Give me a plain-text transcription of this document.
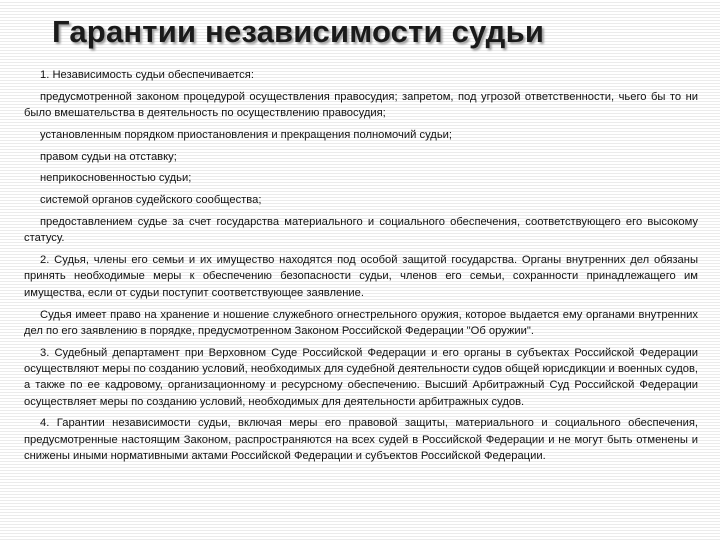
Гарантии независимости судьи

1. Независимость судьи обеспечивается:

предусмотренной законом процедурой осуществления правосудия; запретом, под угрозой ответственности, чьего бы то ни было вмешательства в деятельность по осуществлению правосудия;

установленным порядком приостановления и прекращения полномочий судьи;

правом судьи на отставку;

неприкосновенностью судьи;

системой органов судейского сообщества;

предоставлением судье за счет государства материального и социального обеспечения, соответствующего его высокому статусу.

2. Судья, члены его семьи и их имущество находятся под особой защитой государства. Органы внутренних дел обязаны принять необходимые меры к обеспечению безопасности судьи, членов его семьи, сохранности принадлежащего им имущества, если от судьи поступит соответствующее заявление.

Судья имеет право на хранение и ношение служебного огнестрельного оружия, которое выдается ему органами внутренних дел по его заявлению в порядке, предусмотренном Законом Российской Федерации "Об оружии".

3. Судебный департамент при Верховном Суде Российской Федерации и его органы в субъектах Российской Федерации осуществляют меры по созданию условий, необходимых для судебной деятельности судов общей юрисдикции и военных судов, а также по ее кадровому, организационному и ресурсному обеспечению. Высший Арбитражный Суд Российской Федерации осуществляет меры по созданию условий, необходимых для деятельности арбитражных судов.

4. Гарантии независимости судьи, включая меры его правовой защиты, материального и социального обеспечения, предусмотренные настоящим Законом, распространяются на всех судей в Российской Федерации и не могут быть отменены и снижены иными нормативными актами Российской Федерации и субъектов Российской Федерации.
